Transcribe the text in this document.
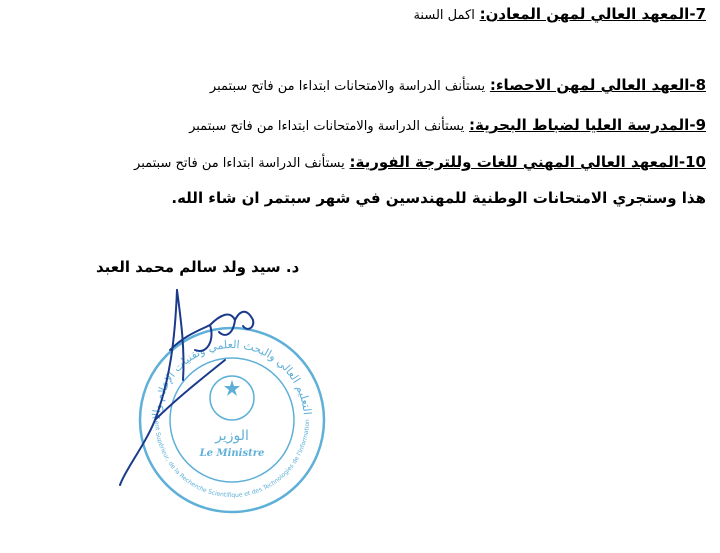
7-المعهد العالي لمهن المعادن: اكمل السنة
8-العهد العالي لمهن الاحصاء: يستأنف الدراسة والامتحانات ابتداءا من فاتح سبتمبر
9-المدرسة العليا لضباط البحرية: يستأنف الدراسة والامتحانات ابتداءا من فاتح سبتمبر
10-المعهد العالي المهني للغات وللترجة الفورية: يستأنف الدراسة ابتداءا من فاتح سبتمبر
هذا وستجري الامتحانات الوطنية للمهندسين في شهر سبتمر ان شاء الله.
د. سيد ولد سالم محمد العبد
التعليم العالي والبحث العلمي وتقنيات الإعلام والا
ent Supérieur, de la Recherche Scientifique et des Technologies de l'Information
الوزير
Le Ministre
